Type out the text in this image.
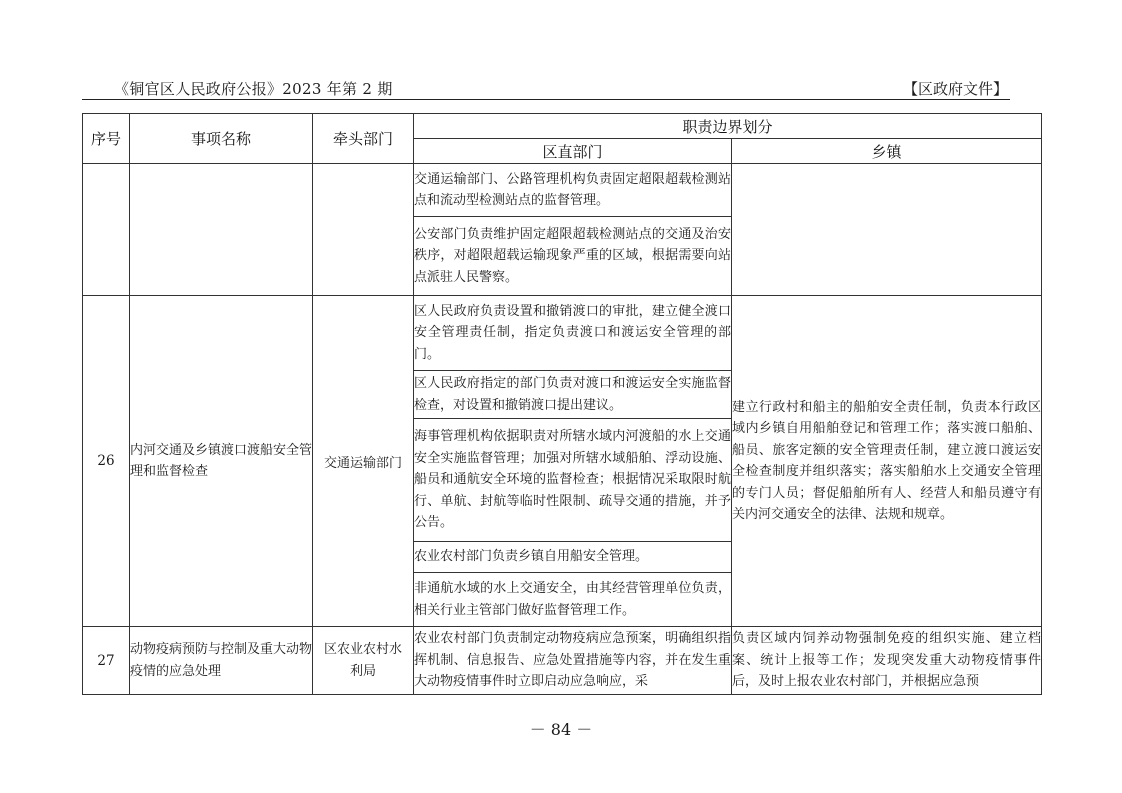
《铜官区人民政府公报》2023 年第 2 期	【区政府文件】
序号	事项名称	牵头部门	职责边界划分	
			区直部门	乡镇
			交通运输部门、公路管理机构负责固定超限超载检测站点和流动型检测站点的监督管理。	
			公安部门负责维护固定超限超载检测站点的交通及治安秩序，对超限超载运输现象严重的区域，根据需要向站点派驻人民警察。	
26	内河交通及乡镇渡口渡船安全管理和监督检查	交通运输部门	区人民政府负责设置和撤销渡口的审批，建立健全渡口安全管理责任制，指定负责渡口和渡运安全管理的部门。	建立行政村和船主的船舶安全责任制，负责本行政区域内乡镇自用船舶登记和管理工作；落实渡口船舶、船员、旅客定额的安全管理责任制，建立渡口渡运安全检查制度并组织落实；落实船舶水上交通安全管理的专门人员；督促船舶所有人、经营人和船员遵守有关内河交通安全的法律、法规和规章。
			区人民政府指定的部门负责对渡口和渡运安全实施监督检查，对设置和撤销渡口提出建议。	
			海事管理机构依据职责对所辖水域内河渡船的水上交通安全实施监督管理；加强对所辖水域船舶、浮动设施、船员和通航安全环境的监督检查；根据情况采取限时航行、单航、封航等临时性限制、疏导交通的措施，并予公告。	
			农业农村部门负责乡镇自用船安全管理。	
			非通航水域的水上交通安全，由其经营管理单位负责，相关行业主管部门做好监督管理工作。	
27	动物疫病预防与控制及重大动物疫情的应急处理	区农业农村水利局	农业农村部门负责制定动物疫病应急预案，明确组织指挥机制、信息报告、应急处置措施等内容，并在发生重大动物疫情事件时立即启动应急响应，采	负责区域内饲养动物强制免疫的组织实施、建立档案、统计上报等工作；发现突发重大动物疫情事件后，及时上报农业农村部门，并根据应急预
－ 84 －
